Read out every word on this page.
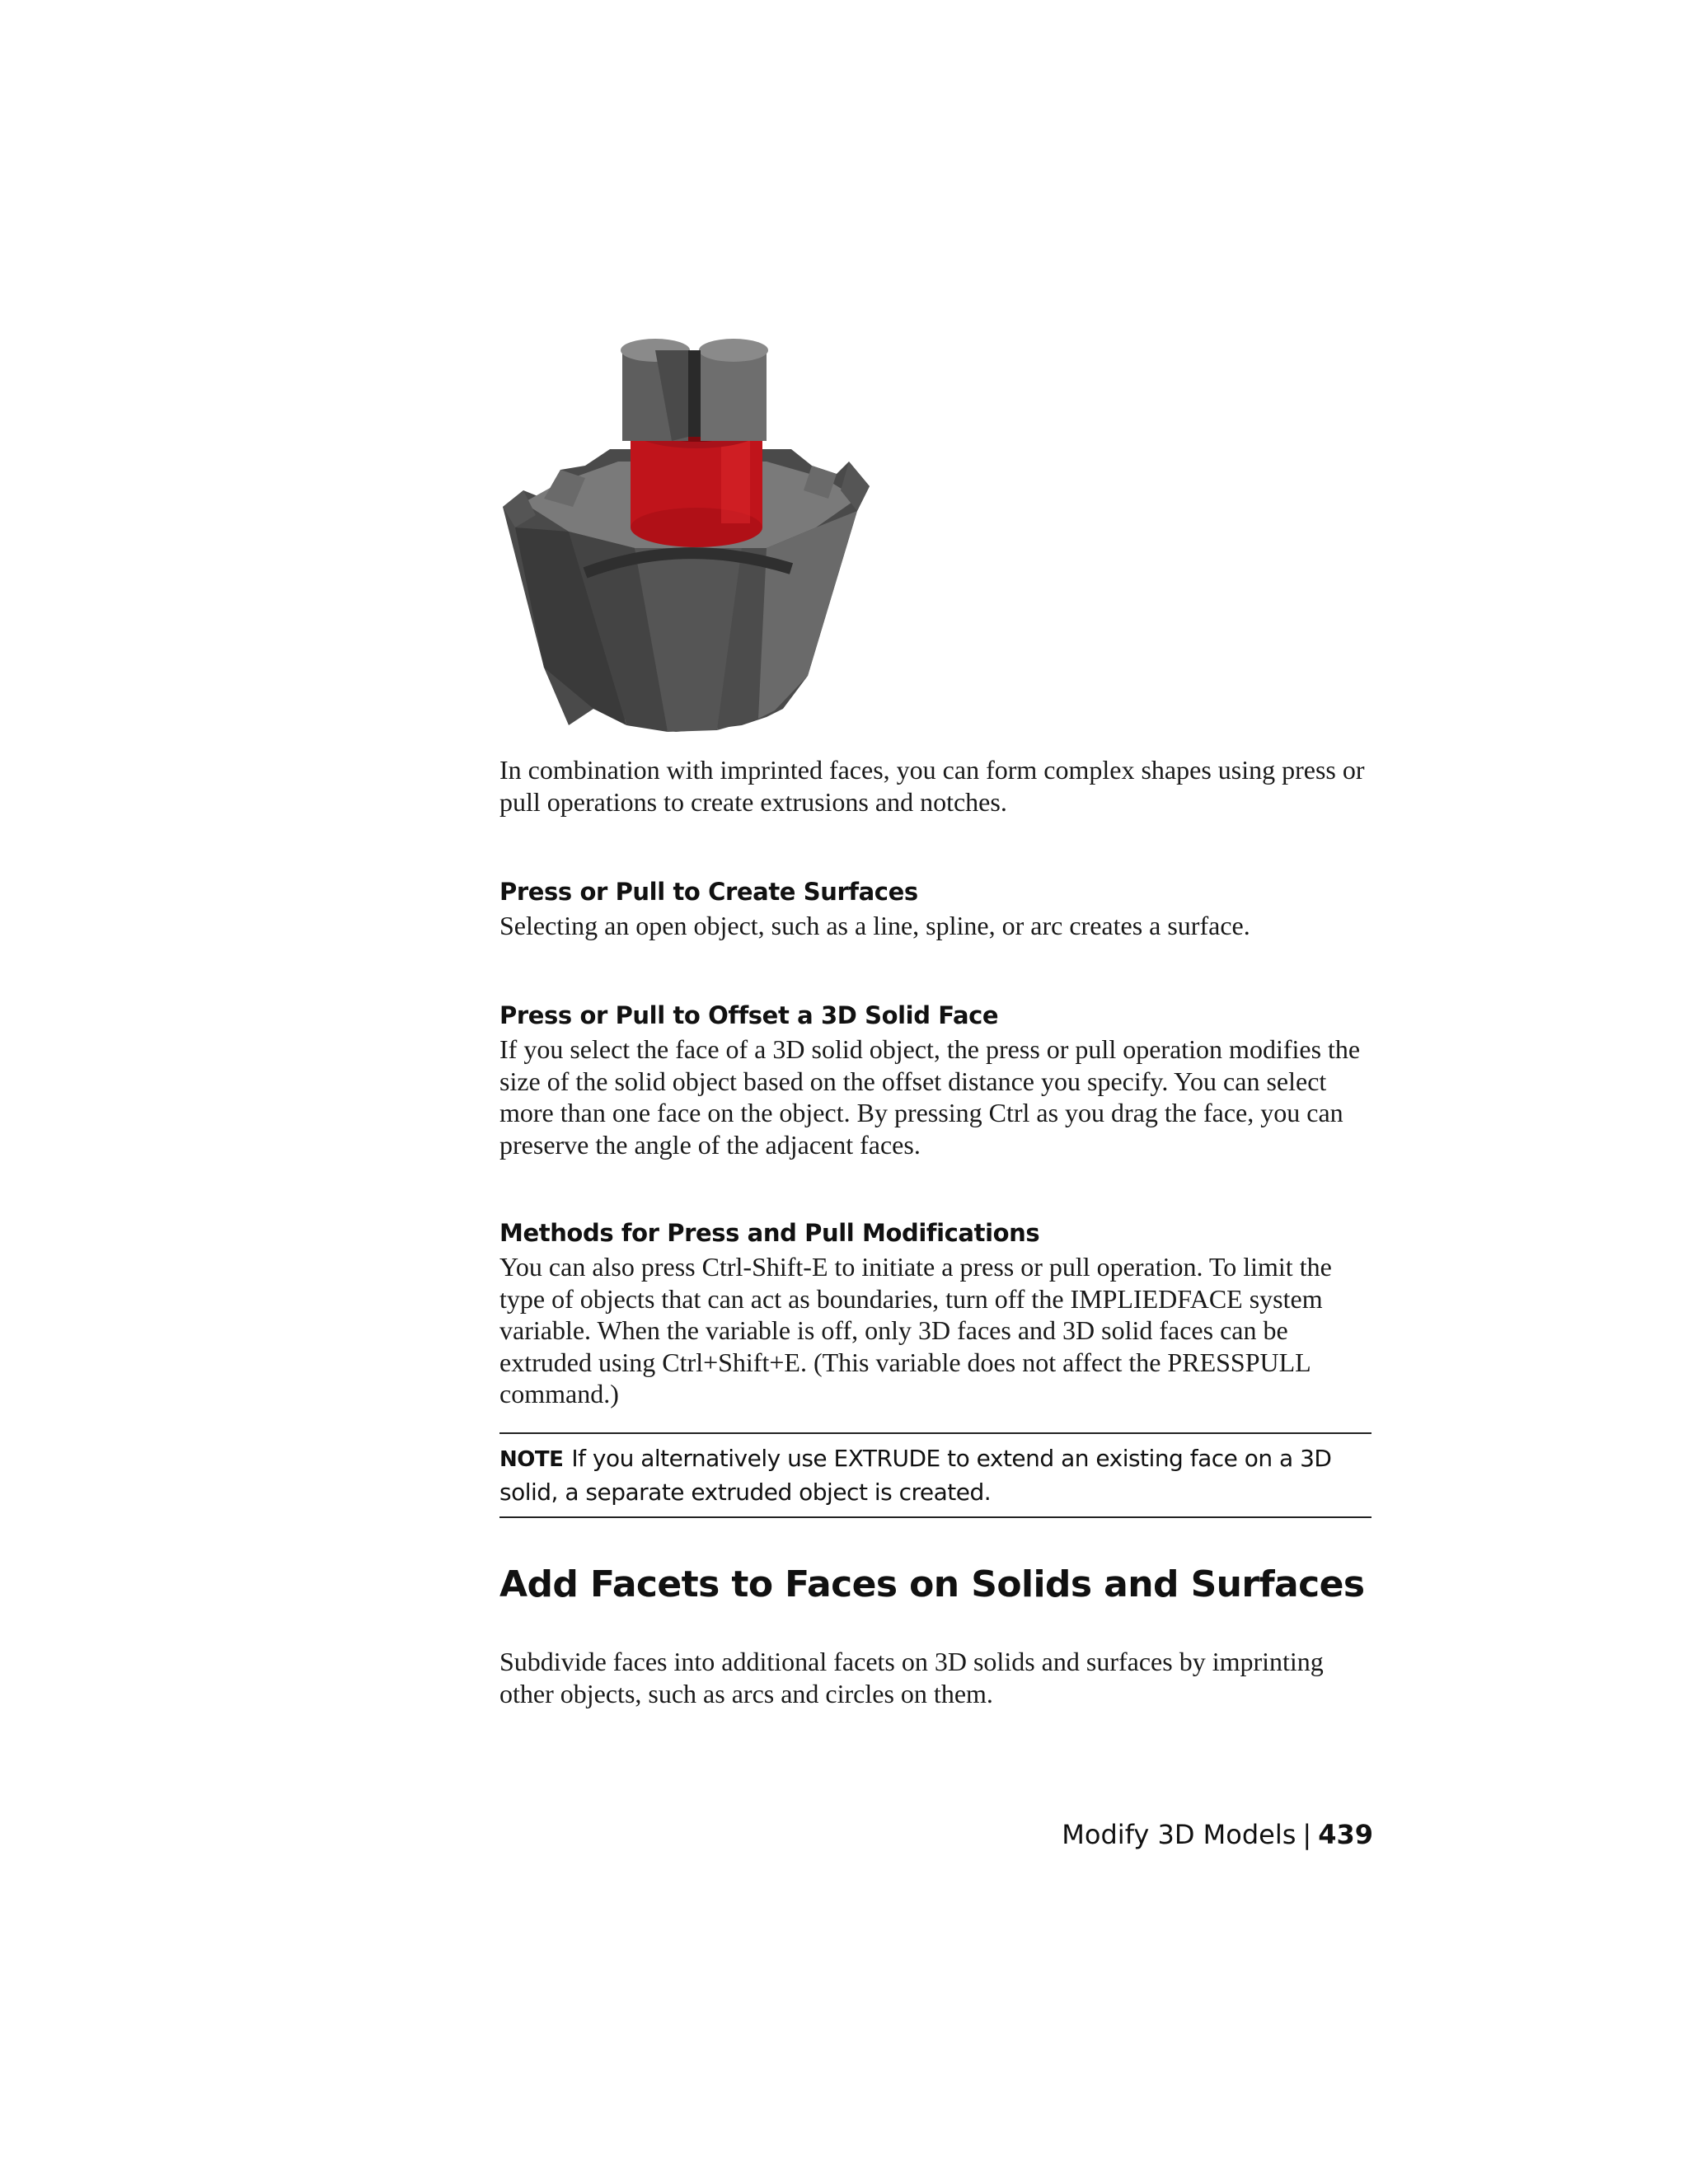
In combination with imprinted faces, you can form complex shapes using press or pull operations to create extrusions and notches.
Press or Pull to Create Surfaces
Selecting an open object, such as a line, spline, or arc creates a surface.
Press or Pull to Offset a 3D Solid Face
If you select the face of a 3D solid object, the press or pull operation modifies the size of the solid object based on the offset distance you specify. You can select more than one face on the object. By pressing Ctrl as you drag the face, you can preserve the angle of the adjacent faces.
Methods for Press and Pull Modifications
You can also press Ctrl-Shift-E to initiate a press or pull operation. To limit the type of objects that can act as boundaries, turn off the IMPLIEDFACE system variable. When the variable is off, only 3D faces and 3D solid faces can be extruded using Ctrl+Shift+E. (This variable does not affect the PRESSPULL command.)
NOTE If you alternatively use EXTRUDE to extend an existing face on a 3D solid, a separate extruded object is created.
Add Facets to Faces on Solids and Surfaces
Subdivide faces into additional facets on 3D solids and surfaces by imprinting other objects, such as arcs and circles on them.
Modify 3D Models | 439
